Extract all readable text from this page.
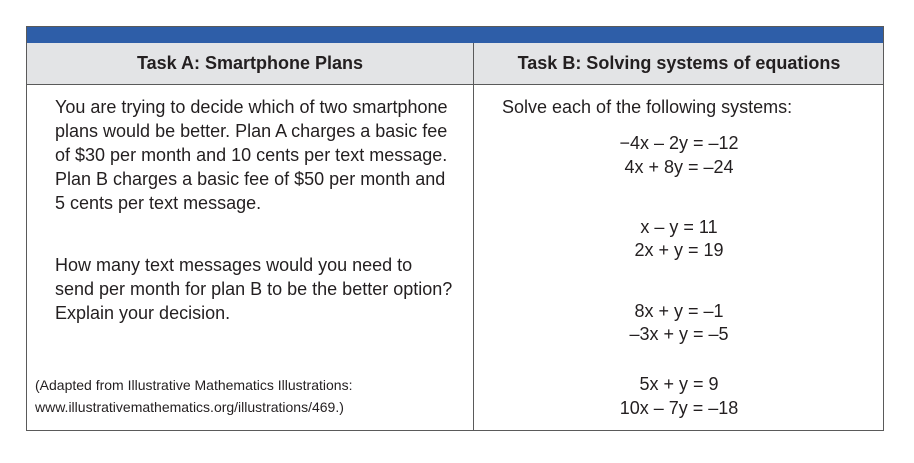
Task A: Smartphone Plans	Task B: Solving systems of equations
You are trying to decide which of two smartphone plans would be better. Plan A charges a basic fee of $30 per month and 10 cents per text message. Plan B charges a basic fee of $50 per month and 5 cents per text message.
How many text messages would you need to send per month for plan B to be the better option? Explain your decision.
(Adapted from Illustrative Mathematics Illustrations:
www.illustrativemathematics.org/illustrations/469.)
Solve each of the following systems:
−4x – 2y = –12
4x + 8y = –24
x – y = 11
2x + y = 19
8x + y = –1
–3x + y = –5
5x + y = 9
10x – 7y = –18
